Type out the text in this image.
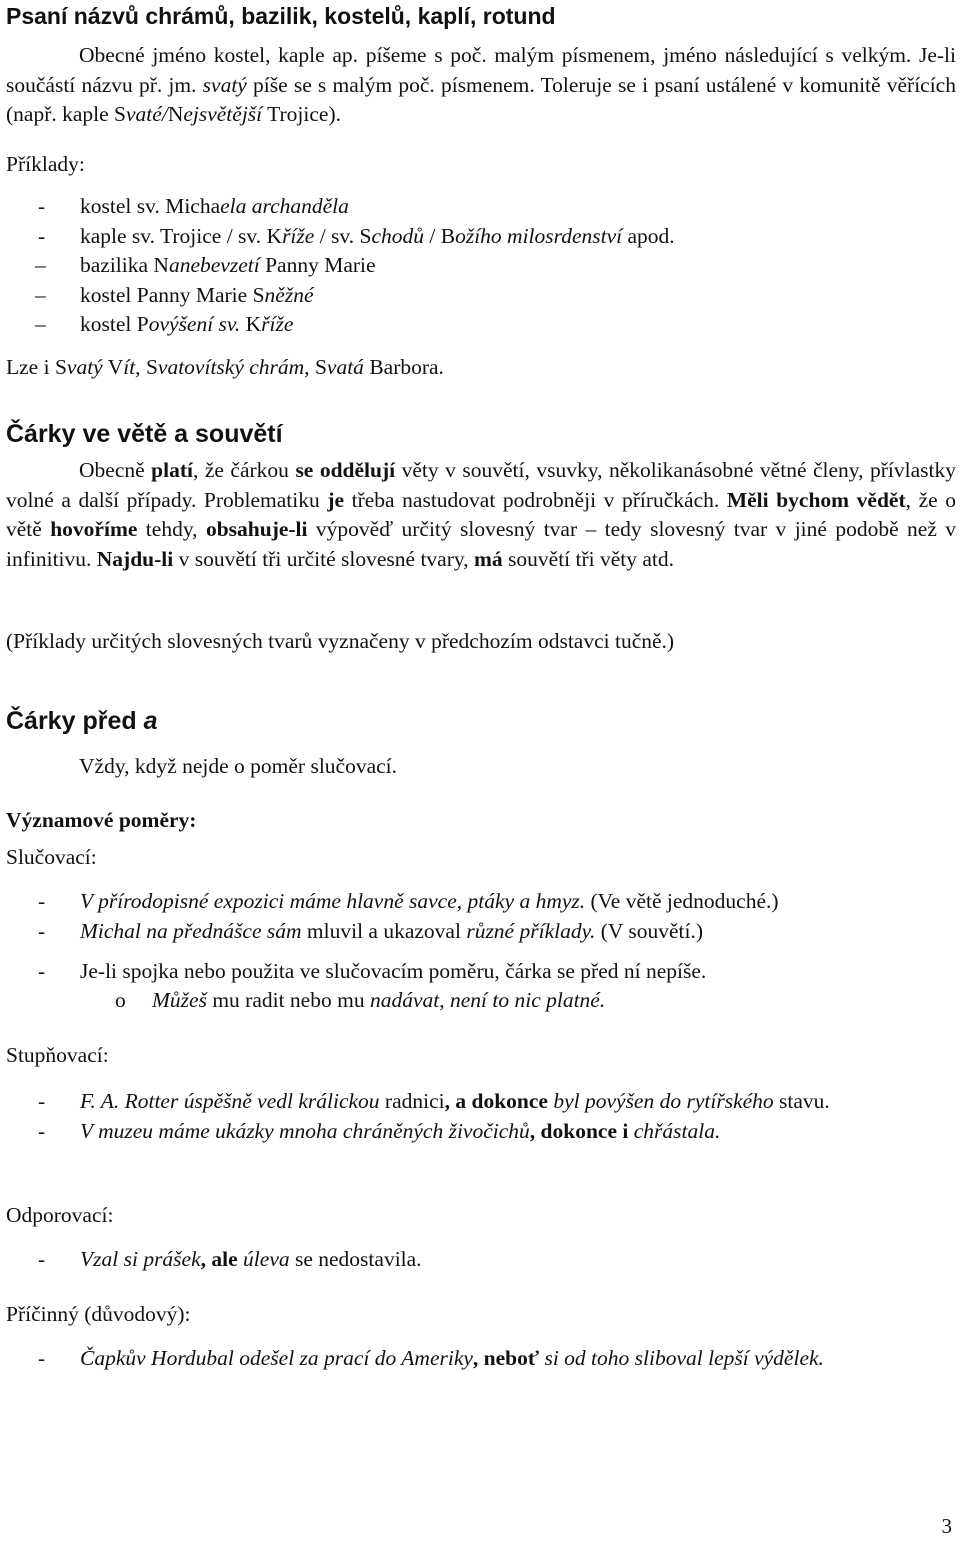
Psaní názvů chrámů, bazilik, kostelů, kaplí, rotund

Obecné jméno kostel, kaple ap. píšeme s poč. malým písmenem, jméno následující s velkým. Je-li součástí názvu př. jm. svatý píše se s malým poč. písmenem. Toleruje se i psaní ustálené v komunitě věřících (např. kaple Svaté/Nejsvětější Trojice).

Příklady:
- kostel sv. Michaela archanděla
- kaple sv. Trojice / sv. Kříže / sv. Schodů / Božího milosrdenství apod.
– bazilika Nanebevzetí Panny Marie
– kostel Panny Marie Sněžné
– kostel Povýšení sv. Kříže
Lze i Svatý Vít, Svatovítský chrám, Svatá Barbora.
Čárky ve větě a souvětí

Obecně platí, že čárkou se oddělují věty v souvětí, vsuvky, několikanásobné větné členy, přívlastky volné a další případy. Problematiku je třeba nastudovat podrobněji v příručkách. Měli bychom vědět, že o větě hovoříme tehdy, obsahuje-li výpověď určitý slovesný tvar – tedy slovesný tvar v jiné podobě než v infinitivu. Najdu-li v souvětí tři určité slovesné tvary, má souvětí tři věty atd.

(Příklady určitých slovesných tvarů vyznačeny v předchozím odstavci tučně.)
Čárky před a
Vždy, když nejde o poměr slučovací.
Významové poměry:
Slučovací:
- V přírodopisné expozici máme hlavně savce, ptáky a hmyz. (Ve větě jednoduché.)
- Michal na přednášce sám mluvil a ukazoval různé příklady. (V souvětí.)
- Je-li spojka nebo použita ve slučovacím poměru, čárka se před ní nepíše.
o Můžeš mu radit nebo mu nadávat, není to nic platné.
Stupňovací:
- F. A. Rotter úspěšně vedl králickou radnici, a dokonce byl povýšen do rytířského stavu.
- V muzeu máme ukázky mnoha chráněných živočichů, dokonce i chřástala.
Odporovací:
- Vzal si prášek, ale úleva se nedostavila.
Příčinný (důvodový):
- Čapkův Hordubal odešel za prací do Ameriky, neboť si od toho sliboval lepší výdělek.
3
